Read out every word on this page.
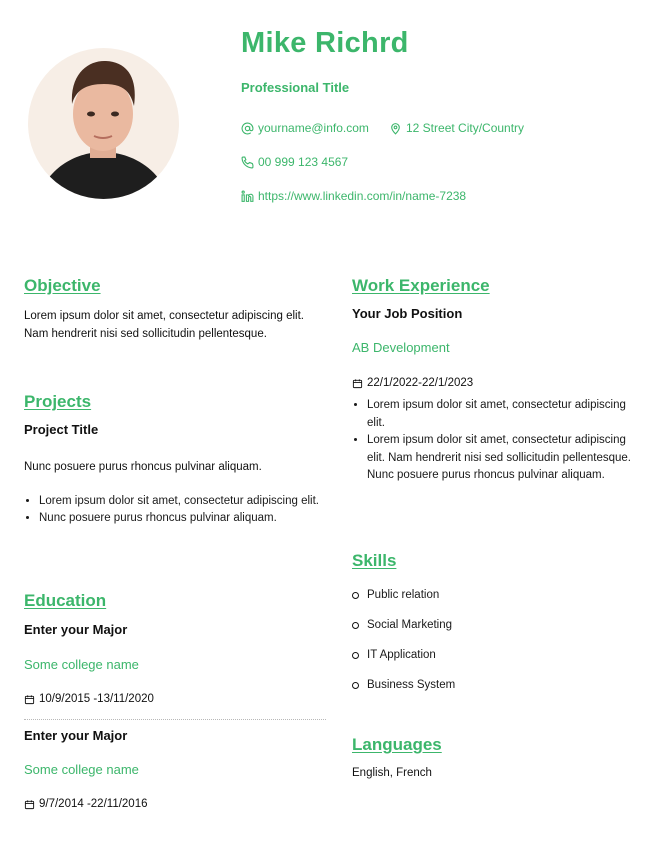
Mike Richrd
Professional Title
yourname@info.com	12 Street City/Country
00 999 123 4567
https://www.linkedin.com/in/name-7238
Objective
Lorem ipsum dolor sit amet, consectetur adipiscing elit. Nam hendrerit nisi sed sollicitudin pellentesque.
Projects
Project Title
Nunc posuere purus rhoncus pulvinar aliquam.
• Lorem ipsum dolor sit amet, consectetur adipiscing elit.
• Nunc posuere purus rhoncus pulvinar aliquam.
Education
Enter your Major
Some college name
10/9/2015 -13/11/2020
Enter your Major
Some college name
9/7/2014 -22/11/2016
Work Experience
Your Job Position
AB Development
22/1/2022-22/1/2023
• Lorem ipsum dolor sit amet, consectetur adipiscing elit.
• Lorem ipsum dolor sit amet, consectetur adipiscing elit. Nam hendrerit nisi sed sollicitudin pellentesque. Nunc posuere purus rhoncus pulvinar aliquam.
Skills
Public relation
Social Marketing
IT Application
Business System
Languages
English, French
